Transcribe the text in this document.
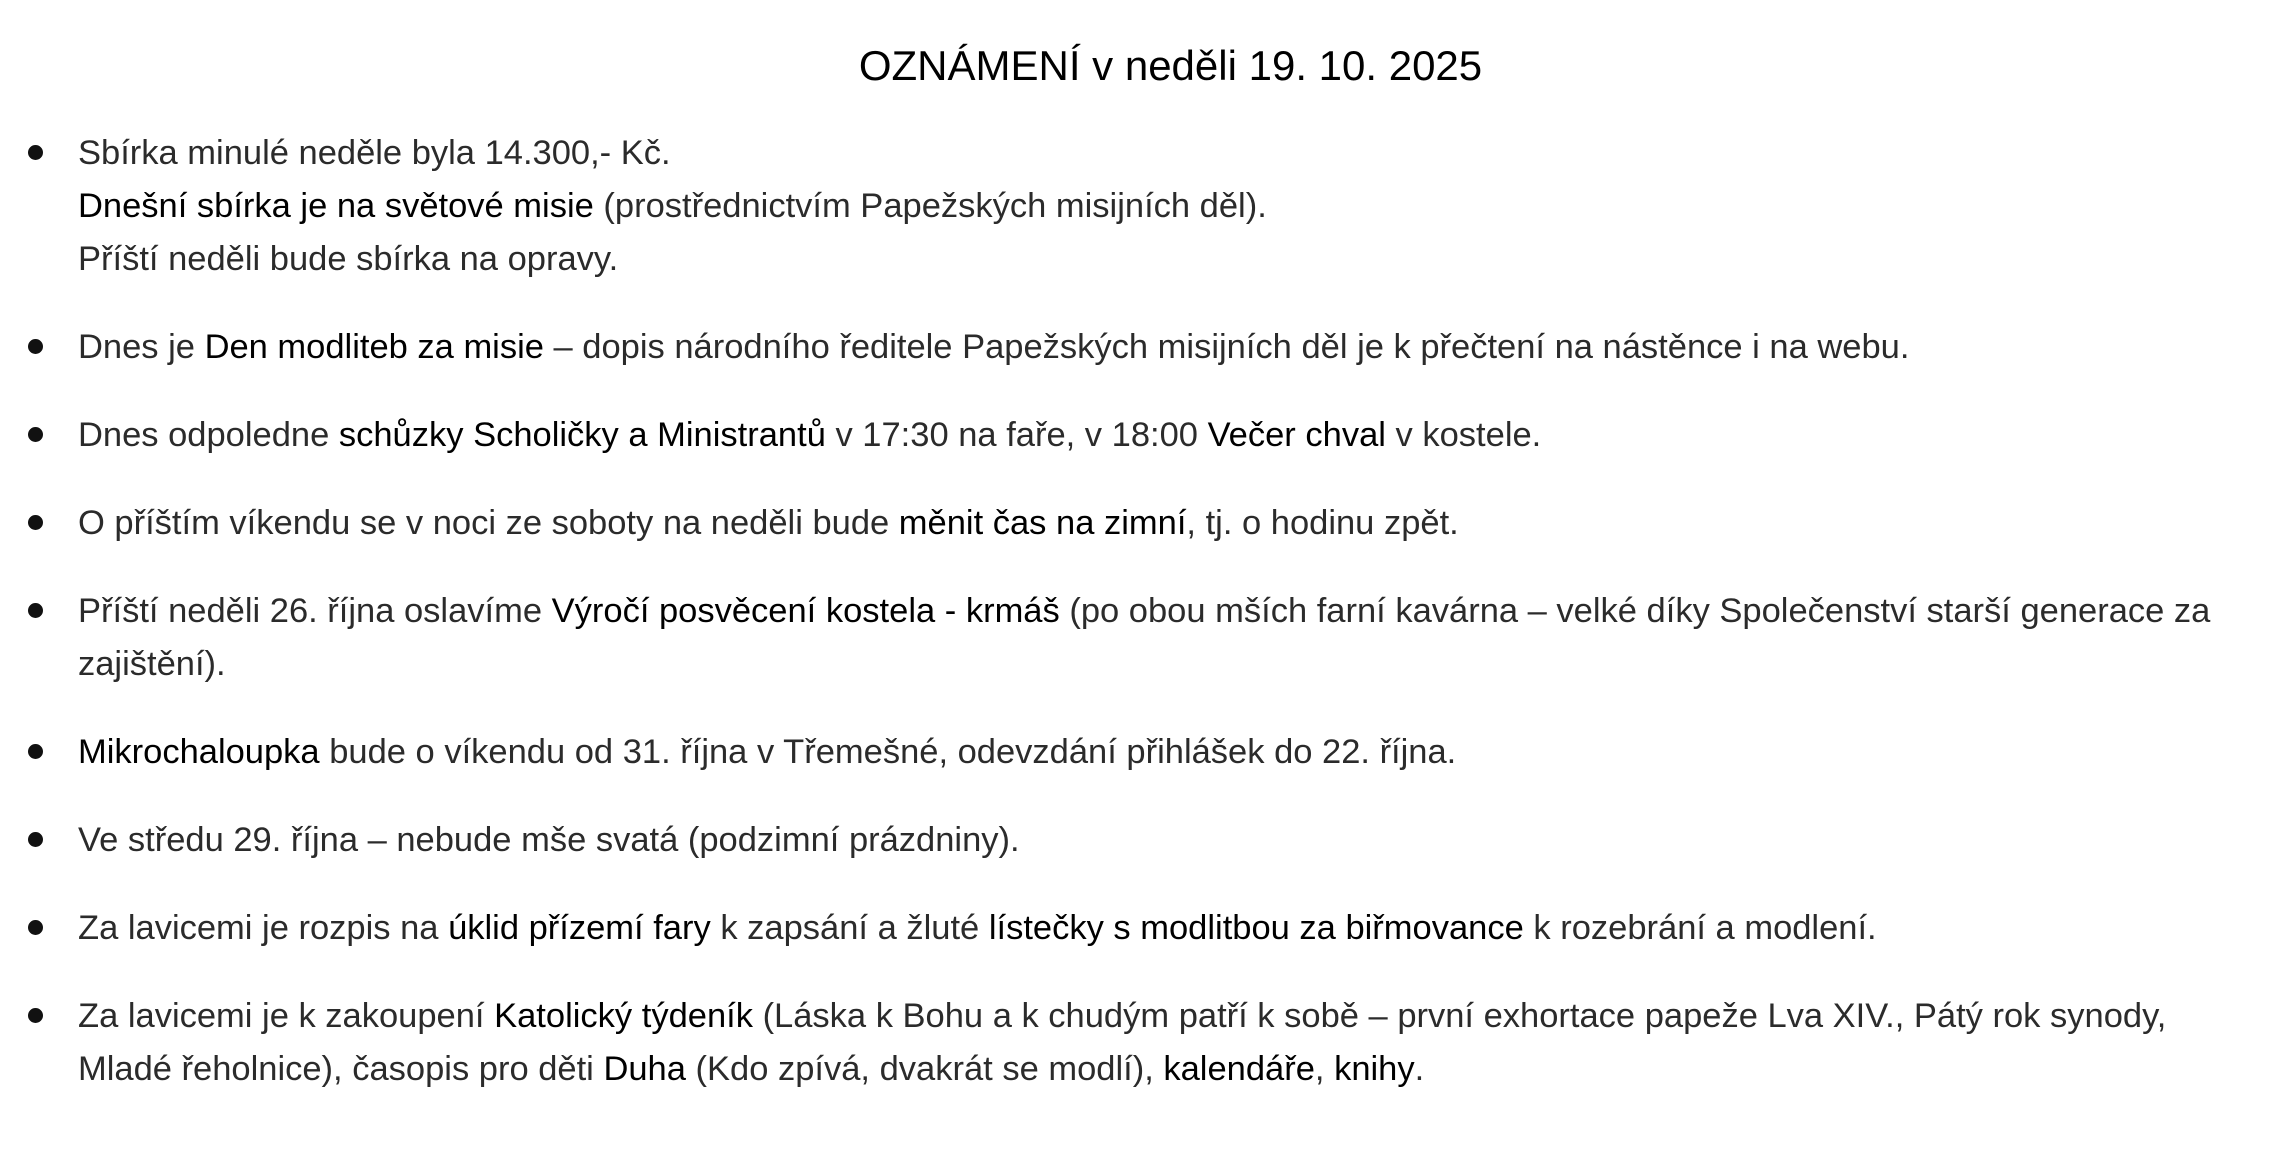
OZNÁMENÍ v neděli 19. 10. 2025
Sbírka minulé neděle byla 14.300,- Kč.
Dnešní sbírka je na světové misie (prostřednictvím Papežských misijních děl).
Příští neděli bude sbírka na opravy.
Dnes je Den modliteb za misie – dopis národního ředitele Papežských misijních děl je k přečtení na nástěnce i na webu.
Dnes odpoledne schůzky Scholičky a Ministrantů v 17:30 na faře, v 18:00 Večer chval v kostele.
O příštím víkendu se v noci ze soboty na neděli bude měnit čas na zimní, tj. o hodinu zpět.
Příští neděli 26. října oslavíme Výročí posvěcení kostela - krmáš (po obou mších farní kavárna – velké díky Společenství starší generace za zajištění).
Mikrochaloupka bude o víkendu od 31. října v Třemešné, odevzdání přihlášek do 22. října.
Ve středu 29. října – nebude mše svatá (podzimní prázdniny).
Za lavicemi je rozpis na úklid přízemí fary k zapsání a žluté lístečky s modlitbou za biřmovance k rozebrání a modlení.
Za lavicemi je k zakoupení Katolický týdeník (Láska k Bohu a k chudým patří k sobě – první exhortace papeže Lva XIV., Pátý rok synody, Mladé řeholnice), časopis pro děti Duha (Kdo zpívá, dvakrát se modlí), kalendáře, knihy.
